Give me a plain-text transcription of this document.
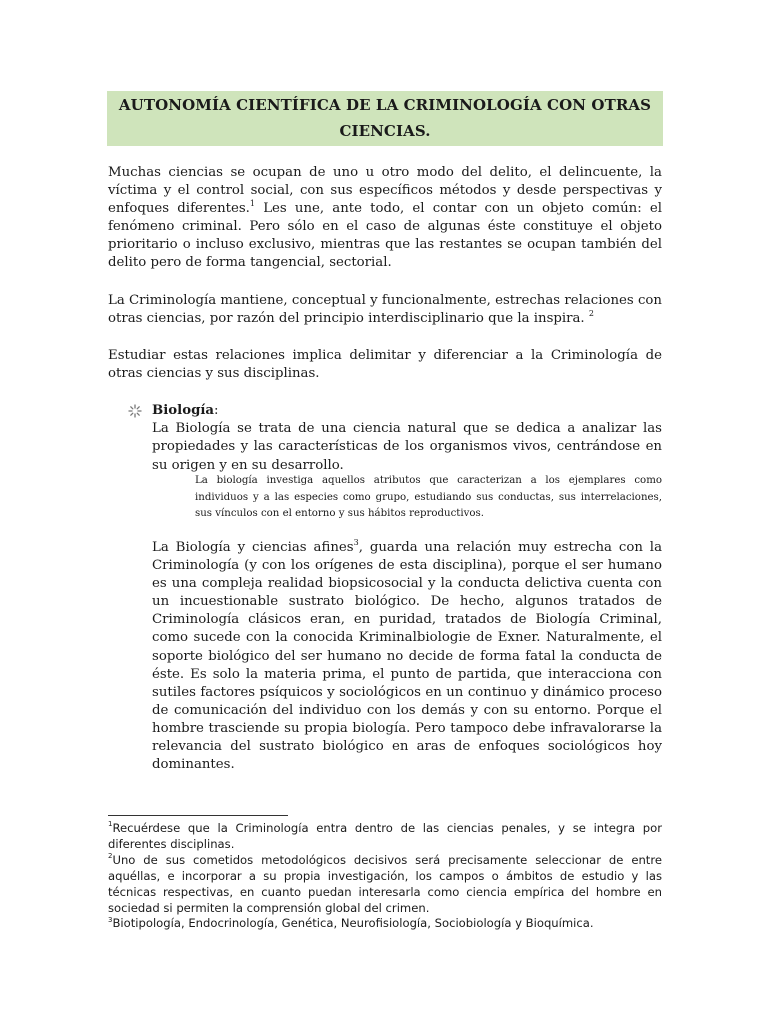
AUTONOMÍA CIENTÍFICA DE LA CRIMINOLOGÍA CON OTRAS CIENCIAS.

Muchas ciencias se ocupan de uno u otro modo del delito, el delincuente, la víctima y el control social, con sus específicos métodos y desde perspectivas y enfoques diferentes.$^1$ Les une, ante todo, el contar con un objeto común: el fenómeno criminal. Pero sólo en el caso de algunas éste constituye el objeto prioritario o incluso exclusivo, mientras que las restantes se ocupan también del delito pero de forma tangencial, sectorial.

La Criminología mantiene, conceptual y funcionalmente, estrechas relaciones con otras ciencias, por razón del principio interdisciplinario que la inspira. $^2$

Estudiar estas relaciones implica delimitar y diferenciar a la Criminología de otras ciencias y sus disciplinas.

Biología:

La Biología se trata de una ciencia natural que se dedica a analizar las propiedades y las características de los organismos vivos, centrándose en su origen y en su desarrollo.

La biología investiga aquellos atributos que caracterizan a los ejemplares como individuos y a las especies como grupo, estudiando sus conductas, sus interrelaciones, sus vínculos con el entorno y sus hábitos reproductivos.

La Biología y ciencias afines$^3$, guarda una relación muy estrecha con la Criminología (y con los orígenes de esta disciplina), porque el ser humano es una compleja realidad biopsicosocial y la conducta delictiva cuenta con un incuestionable sustrato biológico. De hecho, algunos tratados de Criminología clásicos eran, en puridad, tratados de Biología Criminal, como sucede con la conocida Kriminalbiologie de Exner. Naturalmente, el soporte biológico del ser humano no decide de forma fatal la conducta de éste. Es solo la materia prima, el punto de partida, que interacciona con sutiles factores psíquicos y sociológicos en un continuo y dinámico proceso de comunicación del individuo con los demás y con su entorno. Porque el hombre trasciende su propia biología. Pero tampoco debe infravalorarse la relevancia del sustrato biológico en aras de enfoques sociológicos hoy dominantes.

$^1$Recuérdese que la Criminología entra dentro de las ciencias penales, y se integra por diferentes disciplinas.

$^2$Uno de sus cometidos metodológicos decisivos será precisamente seleccionar de entre aquéllas, e incorporar a su propia investigación, los campos o ámbitos de estudio y las técnicas respectivas, en cuanto puedan interesarla como ciencia empírica del hombre en sociedad si permiten la comprensión global del crimen.

$^3$Biotipología, Endocrinología, Genética, Neurofisiología, Sociobiología y Bioquímica.
